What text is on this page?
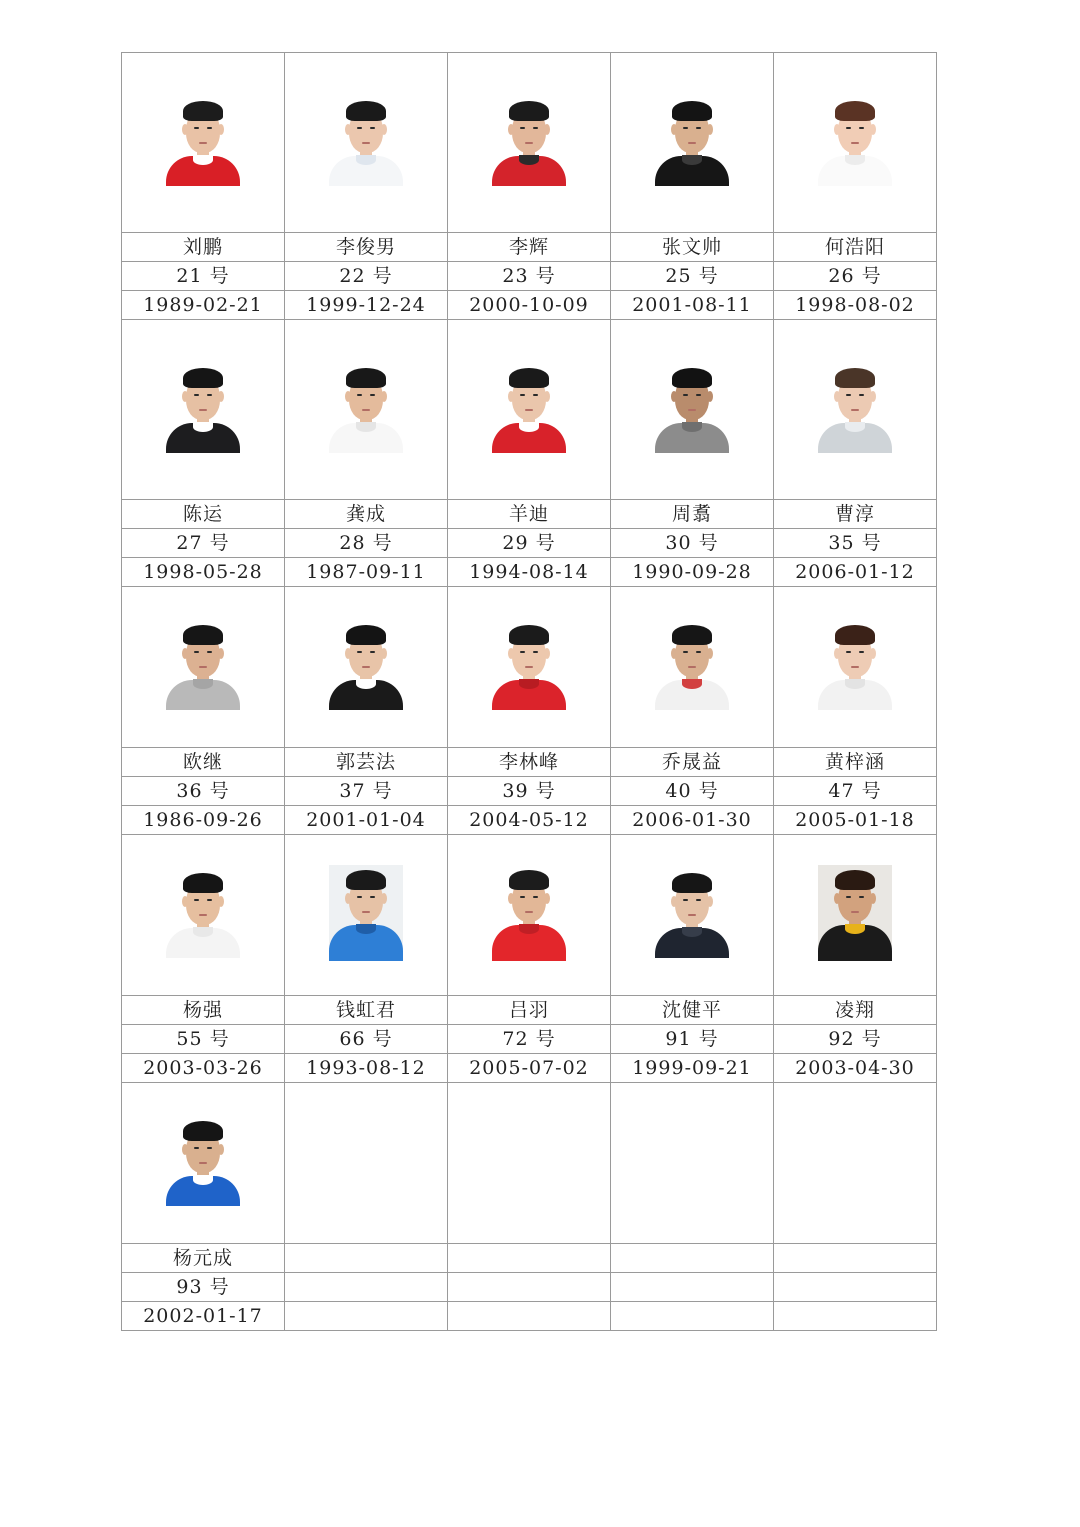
刘鹏	李俊男	李辉	张文帅	何浩阳
21 号	22 号	23 号	25 号	26 号
1989-02-21	1999-12-24	2000-10-09	2001-08-11	1998-08-02

陈运	龚成	羊迪	周翥	曹淳
27 号	28 号	29 号	30 号	35 号
1998-05-28	1987-09-11	1994-08-14	1990-09-28	2006-01-12

欧继	郭芸法	李林峰	乔晟益	黄梓涵
36 号	37 号	39 号	40 号	47 号
1986-09-26	2001-01-04	2004-05-12	2006-01-30	2005-01-18

杨强	钱虹君	吕羽	沈健平	凌翔
55 号	66 号	72 号	91 号	92 号
2003-03-26	1993-08-12	2005-07-02	1999-09-21	2003-04-30

杨元成				
93 号				
2002-01-17				
